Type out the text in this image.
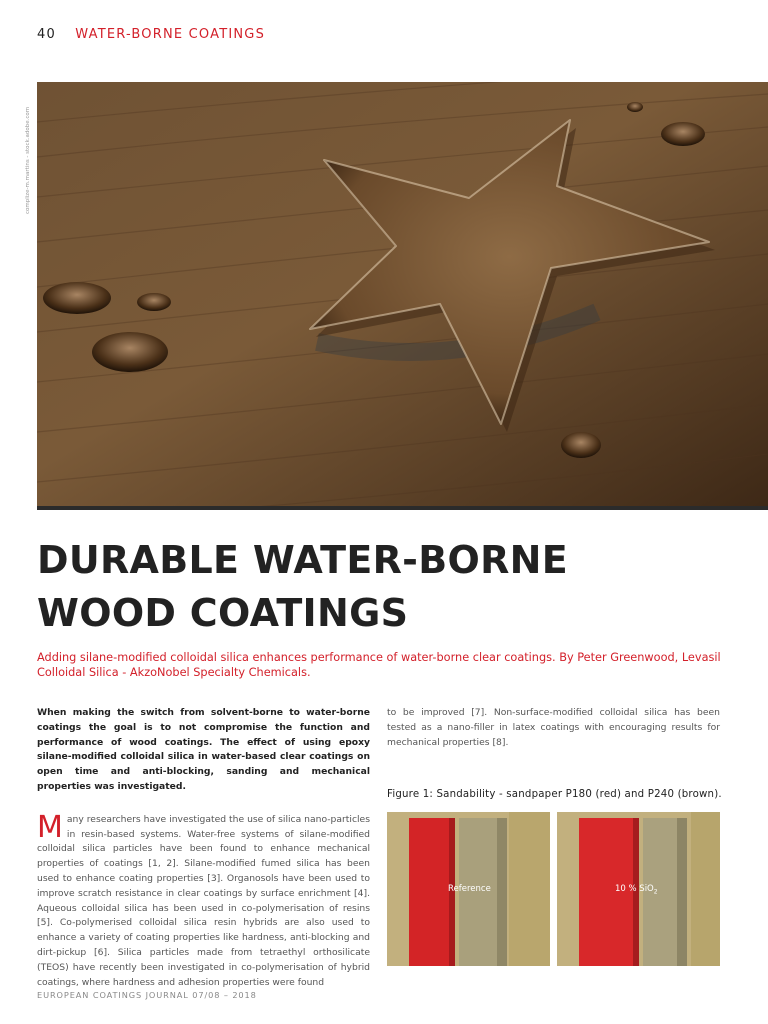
40 WATER-BORNE COATINGS
complize-m.martins - stock.adobe.com
DURABLE WATER-BORNE
WOOD COATINGS
Adding silane-modified colloidal silica enhances performance of water-borne clear coatings. By Peter Greenwood, Levasil Colloidal Silica - AkzoNobel Specialty Chemicals.
When making the switch from solvent-borne to water-borne coatings the goal is to not compromise the function and performance of wood coatings. The effect of using epoxy silane-modified colloidal silica in water-based clear coatings on open time and anti-blocking, sanding and mechanical properties was investigated.
M any researchers have investigated the use of silica nano-particles in resin-based systems. Water-free systems of silane-modified colloidal silica particles have been found to enhance mechanical properties of coatings [1, 2]. Silane-modified fumed silica has been used to enhance coating properties [3]. Organosols have been used to improve scratch resistance in clear coatings by surface enrichment [4]. Aqueous colloidal silica has been used in co-polymerisation of resins [5]. Co-polymerised colloidal silica resin hybrids are also used to enhance a variety of coating properties like hardness, anti-blocking and dirt-pickup [6]. Silica particles made from tetraethyl orthosilicate (TEOS) have recently been investigated in co-polymerisation of hybrid coatings, where hardness and adhesion properties were found
to be improved [7]. Non-surface-modified colloidal silica has been tested as a nano-filler in latex coatings with encouraging results for mechanical properties [8].
Figure 1: Sandability - sandpaper P180 (red) and P240 (brown).
Reference	10 % SiO$_2$
EUROPEAN COATINGS JOURNAL 07/08 – 2018
